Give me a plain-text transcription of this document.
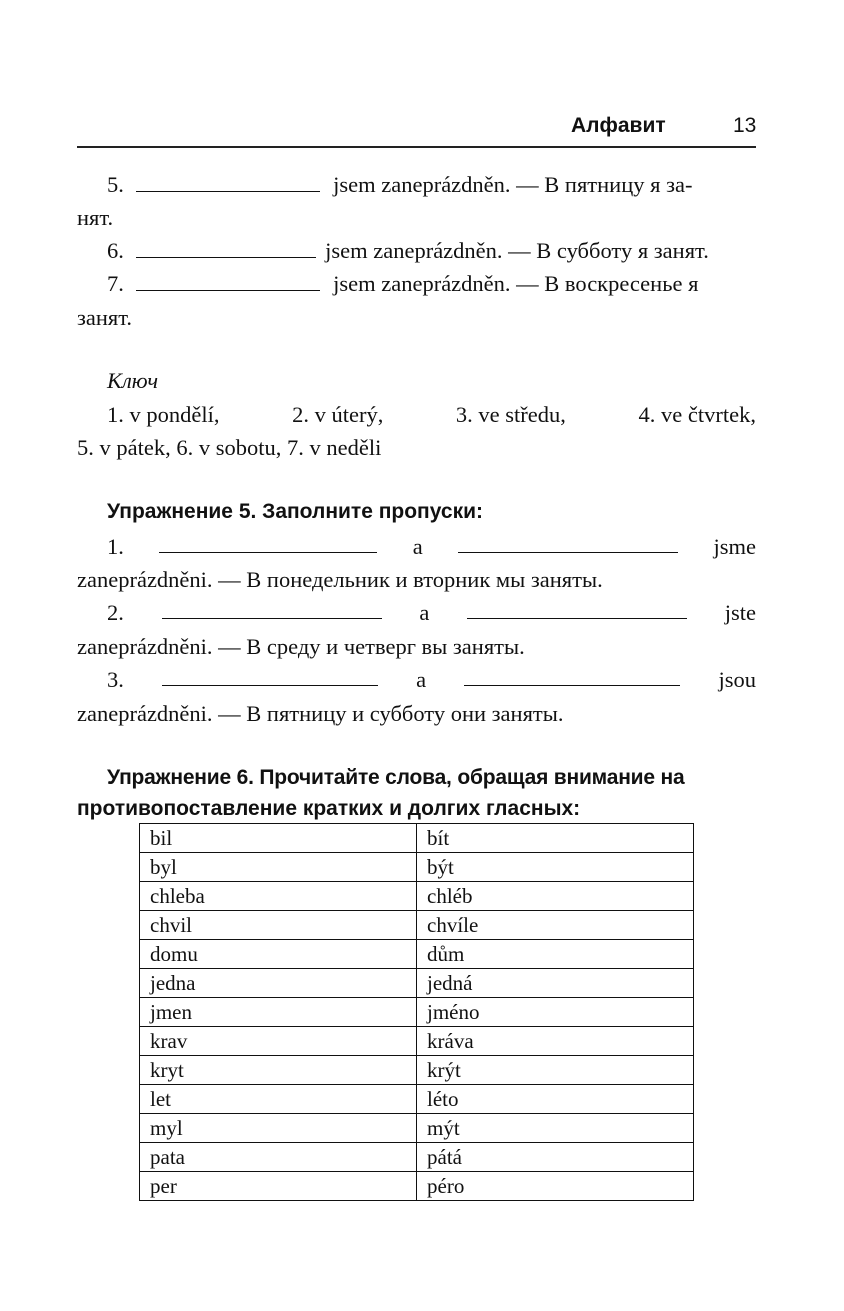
Алфавит	13
5.	jsem zaneprázdněn. — В пятницу я за-
нят.
6.	jsem zaneprázdněn. — В субботу я занят.
7.	jsem zaneprázdněn. — В воскресенье я
занят.
Ключ
1. v pondělí,	2. v úterý,	3. ve středu,	4. ve čtvrtek,
5. v pátek, 6. v sobotu, 7. v neděli
Упражнение 5. Заполните пропуски:
1.	a	jsme
zaneprázdněni. — В понедельник и вторник мы заняты.
2.	a	jste
zaneprázdněni. — В среду и четверг вы заняты.
3.	a	jsou
zaneprázdněni. — В пятницу и субботу они заняты.
Упражнение 6. Прочитайте слова, обращая внимание на
противопоставление кратких и долгих гласных:
bil	bít
byl	být
chleba	chléb
chvil	chvíle
domu	dům
jedna	jedná
jmen	jméno
krav	kráva
kryt	krýt
let	léto
myl	mýt
pata	pátá
per	péro
